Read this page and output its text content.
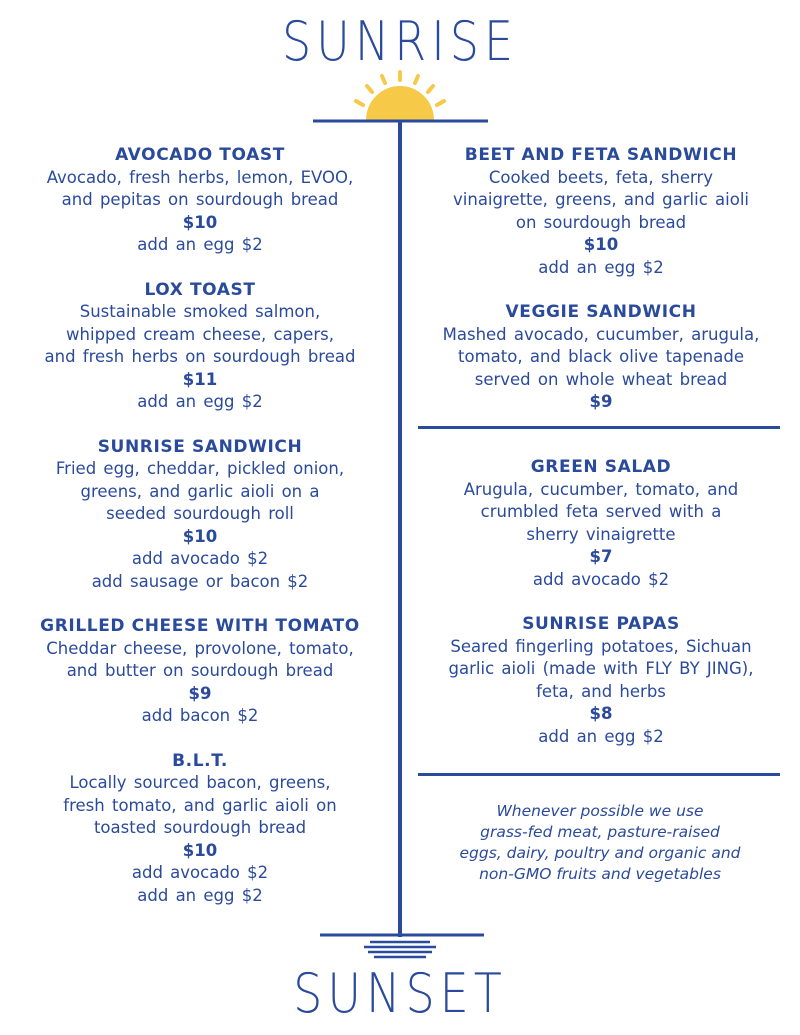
SUNRISE
AVOCADO TOAST
Avocado, fresh herbs, lemon, EVOO,
and pepitas on sourdough bread
$10
add an egg $2
LOX TOAST
Sustainable smoked salmon,
whipped cream cheese, capers,
and fresh herbs on sourdough bread
$11
add an egg $2
SUNRISE SANDWICH
Fried egg, cheddar, pickled onion,
greens, and garlic aioli on a
seeded sourdough roll
$10
add avocado $2
add sausage or bacon $2
GRILLED CHEESE WITH TOMATO
Cheddar cheese, provolone, tomato,
and butter on sourdough bread
$9
add bacon $2
B.L.T.
Locally sourced bacon, greens,
fresh tomato, and garlic aioli on
toasted sourdough bread
$10
add avocado $2
add an egg $2
BEET AND FETA SANDWICH
Cooked beets, feta, sherry
vinaigrette, greens, and garlic aioli
on sourdough bread
$10
add an egg $2
VEGGIE SANDWICH
Mashed avocado, cucumber, arugula,
tomato, and black olive tapenade
served on whole wheat bread
$9
GREEN SALAD
Arugula, cucumber, tomato, and
crumbled feta served with a
sherry vinaigrette
$7
add avocado $2
SUNRISE PAPAS
Seared fingerling potatoes, Sichuan
garlic aioli (made with FLY BY JING),
feta, and herbs
$8
add an egg $2
Whenever possible we use
grass-fed meat, pasture-raised
eggs, dairy, poultry and organic and
non-GMO fruits and vegetables
SUNSET
